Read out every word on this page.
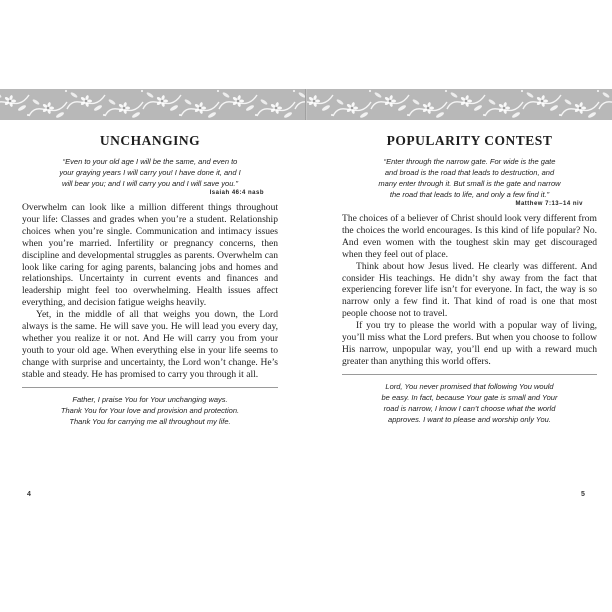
UNCHANGING
“Even to your old age I will be the same, and even to
your graying years I will carry you! I have done it, and I
will bear you; and I will carry you and I will save you.”
Isaiah 46:4 nasb

Overwhelm can look like a million different things throughout your life: Classes and grades when you’re a student. Relationship choices when you’re single. Communication and intimacy issues when you’re married. Infertility or pregnancy concerns, then discipline and developmental struggles as parents. Overwhelm can look like caring for aging parents, balancing jobs and homes and relationships. Uncertainty in current events and finances and leadership might feel too overwhelming. Health issues affect everything, and decision fatigue weighs heavily.

Yet, in the middle of all that weighs you down, the Lord always is the same. He will save you. He will lead you every day, whether you realize it or not. And He will carry you from your youth to your old age. When everything else in your life seems to change with surprise and uncertainty, the Lord won’t change. He’s stable and steady. He has promised to carry you through it all.

Father, I praise You for Your unchanging ways.
Thank You for Your love and provision and protection.
Thank You for carrying me all throughout my life.
POPULARITY CONTEST
“Enter through the narrow gate. For wide is the gate
and broad is the road that leads to destruction, and
many enter through it. But small is the gate and narrow
the road that leads to life, and only a few find it.”
Matthew 7:13–14 niv

The choices of a believer of Christ should look very different from the choices the world encourages. Is this kind of life popular? No. And even women with the toughest skin may get discouraged when they feel out of place.

Think about how Jesus lived. He clearly was different. And consider His teachings. He didn’t shy away from the fact that experiencing forever life isn’t for everyone. In fact, the way is so narrow only a few find it. That kind of road is one that most people choose not to travel.

If you try to please the world with a popular way of living, you’ll miss what the Lord prefers. But when you choose to follow His narrow, unpopular way, you’ll end up with a reward much greater than anything this world offers.

Lord, You never promised that following You would
be easy. In fact, because Your gate is small and Your
road is narrow, I know I can’t choose what the world
approves. I want to please and worship only You.
4	5
